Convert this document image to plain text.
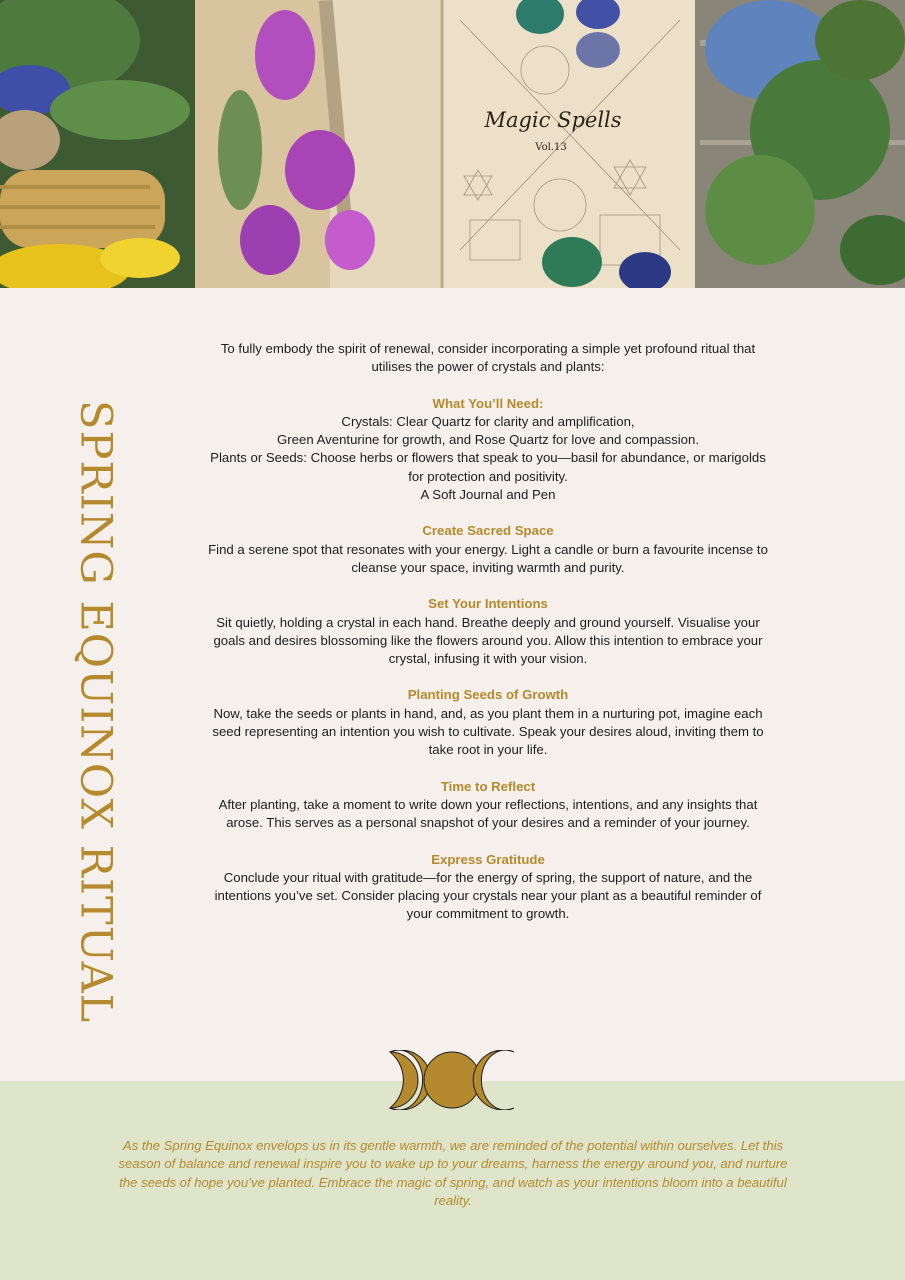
Magic Spells
Vol.13
SPRING EQUINOX RITUAL

To fully embody the spirit of renewal, consider incorporating a simple yet profound ritual that utilises the power of crystals and plants:

What You’ll Need:

Crystals: Clear Quartz for clarity and amplification,
Green Aventurine for growth, and Rose Quartz for love and compassion.
Plants or Seeds: Choose herbs or flowers that speak to you—basil for abundance, or marigolds for protection and positivity.
A Soft Journal and Pen

Create Sacred Space

Find a serene spot that resonates with your energy. Light a candle or burn a favourite incense to cleanse your space, inviting warmth and purity.

Set Your Intentions

Sit quietly, holding a crystal in each hand. Breathe deeply and ground yourself. Visualise your goals and desires blossoming like the flowers around you. Allow this intention to embrace your crystal, infusing it with your vision.

Planting Seeds of Growth

Now, take the seeds or plants in hand, and, as you plant them in a nurturing pot, imagine each seed representing an intention you wish to cultivate. Speak your desires aloud, inviting them to take root in your life.

Time to Reflect

After planting, take a moment to write down your reflections, intentions, and any insights that arose. This serves as a personal snapshot of your desires and a reminder of your journey.

Express Gratitude

Conclude your ritual with gratitude—for the energy of spring, the support of nature, and the intentions you’ve set. Consider placing your crystals near your plant as a beautiful reminder of your commitment to growth.

As the Spring Equinox envelops us in its gentle warmth, we are reminded of the potential within ourselves. Let this season of balance and renewal inspire you to wake up to your dreams, harness the energy around you, and nurture the seeds of hope you’ve planted. Embrace the magic of spring, and watch as your intentions bloom into a beautiful reality.
